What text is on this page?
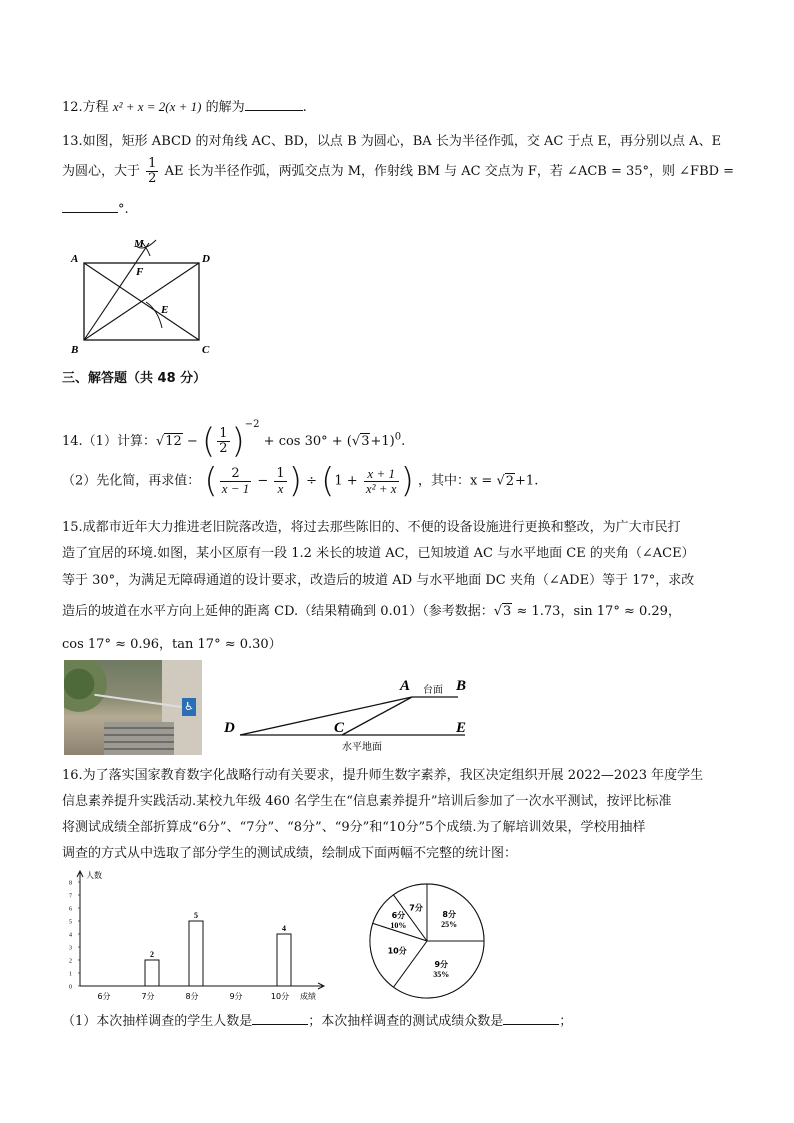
12.方程 x² + x = 2(x + 1) 的解为	.
13.如图，矩形 ABCD 的对角线 AC、BD，以点 B 为圆心，BA 长为半径作弧，交 AC 于点 E，再分别以点 A、E
为圆心，大于 $\frac{1}{2}$ AE 长为半径作弧，两弧交点为 M，作射线 BM 与 AC 交点为 F，若 ∠ACB = 35°，则 ∠FBD =
°.
A	D
B	C
M
F
E
三、解答题（共 48 分）
14.（1）计算：√12 − ( $\frac{1}{2} )^{-2} + \cos 30^\circ + (√3+1)^0$.
（2）先化简，再求值： ( $\frac{2}{x - 1} - \frac{1}{x}$ ) ÷ ($1 + \frac{x + 1}{\text{x² + x}}$ ) ，其中：x = √2+1.
15.成都市近年大力推进老旧院落改造，将过去那些陈旧的、不便的设备设施进行更换和整改，为广大市民打
造了宜居的环境.如图，某小区原有一段 1.2 米长的坡道 AC，已知坡道 AC 与水平地面 CE 的夹角（∠ACE）
等于 30°，为满足无障碍通道的设计要求，改造后的坡道 AD 与水平地面 DC 夹角（∠ADE）等于 17°，求改
造后的坡道在水平方向上延伸的距离 CD.（结果精确到 0.01）（参考数据：√3 ≈ 1.73，sin 17° ≈ 0.29，
cos 17° ≈ 0.96，tan 17° ≈ 0.30）
♿
A	B
C
D	E
台面
水平地面
16.为了落实国家教育数字化战略行动有关要求，提升师生数字素养，我区决定组织开展 2022—2023 年度学生
信息素养提升实践活动.某校九年级 460 名学生在“信息素养提升”培训后参加了一次水平测试，按评比标准
将测试成绩全部折算成“6分”、“7分”、“8分”、“9分”和“10分”5个成绩.为了解培训效果，学校用抽样
调查的方式从中选取了部分学生的测试成绩，绘制成下面两幅不完整的统计图：
0
1
2
3
4
5
6
7
8
人数
成绩
6分	7分
2
8分
5
9分	10分
4
6分
10%
7分
8分
25%
9分
35%
10分
（1）本次抽样调查的学生人数是	；本次抽样调查的测试成绩众数是	；
